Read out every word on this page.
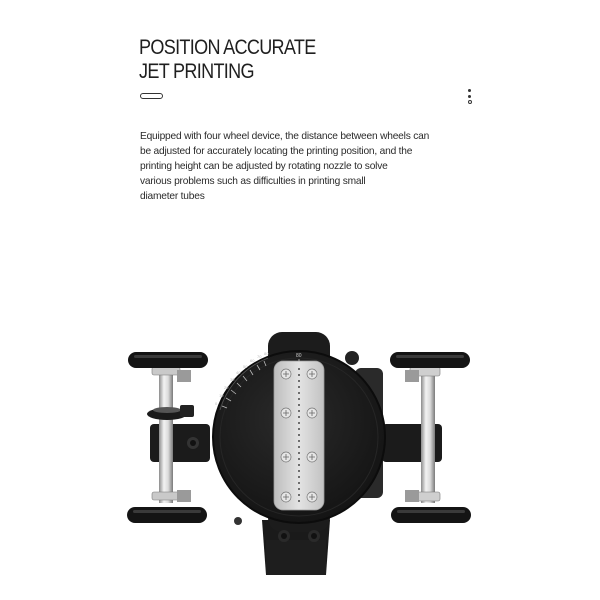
POSITION ACCURATE
JET PRINTING

Equipped with four wheel device, the distance between wheels can
be adjusted for accurately locating the printing position, and the
printing height can be adjusted by rotating nozzle to solve
various problems such as difficulties in printing small
diameter tubes

0
10
20
30
40
50
60
70
80	80
